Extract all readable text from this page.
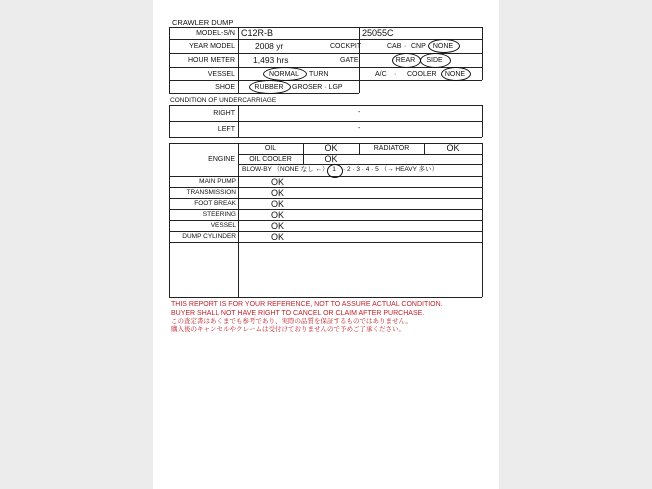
CRAWLER DUMP
MODEL-S/N C12R-B	25055C
YEAR MODEL 2008 yr	COCKPIT	CAB · CNP	NONE
HOUR METER 1,493 hrs	GATE	REAR	SIDE
VESSEL	NORMAL	TURN	A/C · COOLER	NONE
SHOE	RUBBER	GROSER · LGP
CONDITION OF UNDERCARRIAGE
RIGHT	-
LEFT	-
ENGINE
OIL	OK	RADIATOR	OK
OIL COOLER	OK
BLOW-BY （NONE なし ←） 1	· 2 · 3 · 4 · 5 （→ HEAVY 多い）
MAIN PUMP	OK
TRANSMISSION	OK
FOOT BREAK	OK
STEERING	OK
VESSEL	OK
DUMP CYLINDER	OK
THIS REPORT IS FOR YOUR REFERENCE, NOT TO ASSURE ACTUAL CONDITION.
BUYER SHALL NOT HAVE RIGHT TO CANCEL OR CLAIM AFTER PURCHASE.
この査定書はあくまでも参考であり、実際の品質を保証するものではありません。
購入後のキャンセルやクレームは受付けておりませんので予めご了承ください。
